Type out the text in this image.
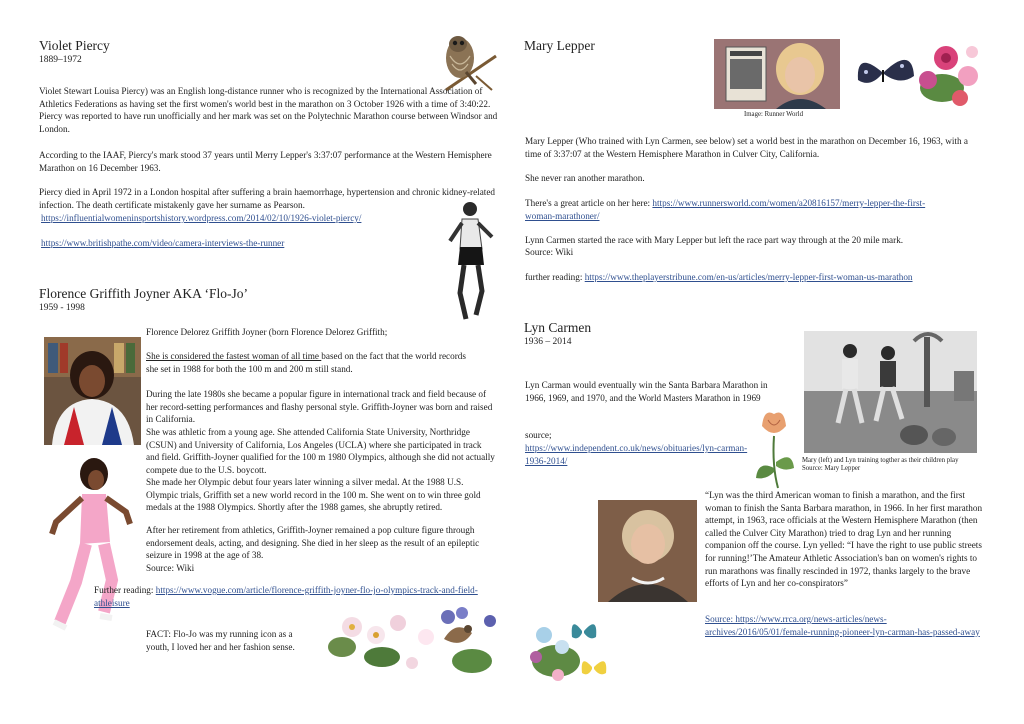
Violet Piercy
1889–1972
Violet Stewart Louisa Piercy) was an English long-distance runner who is recognized by the International Association of Athletics Federations as having set the first women's world best in the marathon on 3 October 1926 with a time of 3:40:22. Piercy was reported to have run unofficially and her mark was set on the Polytechnic Marathon course between Windsor and London.
According to the IAAF, Piercy's mark stood 37 years until Merry Lepper's 3:37:07 performance at the Western Hemisphere Marathon on 16 December 1963.
Piercy died in April 1972 in a London hospital after suffering a brain haemorrhage, hypertension and chronic kidney-related infection. The death certificate mistakenly gave her surname as Pearson.
https://influentialwomeninsportshistory.wordpress.com/2014/02/10/1926-violet-piercy/
https://www.britishpathe.com/video/camera-interviews-the-runner
Florence Griffith Joyner AKA ‘Flo-Jo’
1959 - 1998
Florence Delorez Griffith Joyner (born Florence Delorez Griffith;
She is considered the fastest woman of all time based on the fact that the world records she set in 1988 for both the 100 m and 200 m still stand.
During the late 1980s she became a popular figure in international track and field because of her record-setting performances and flashy personal style. Griffith-Joyner was born and raised in California.
She was athletic from a young age. She attended California State University, Northridge (CSUN) and University of California, Los Angeles (UCLA) where she participated in track and field. Griffith-Joyner qualified for the 100 m 1980 Olympics, although she did not actually compete due to the U.S. boycott.
She made her Olympic debut four years later winning a silver medal. At the 1988 U.S. Olympic trials, Griffith set a new world record in the 100 m. She went on to win three gold medals at the 1988 Olympics. Shortly after the 1988 games, she abruptly retired.
After her retirement from athletics, Griffith-Joyner remained a pop culture figure through endorsement deals, acting, and designing. She died in her sleep as the result of an epileptic seizure in 1998 at the age of 38.
Source: Wiki
Further reading: https://www.vogue.com/article/florence-griffith-joyner-flo-jo-olympics-track-and-field-athleisure
FACT: Flo-Jo was my running icon as a youth, I loved her and her fashion sense.
Mary Lepper
Image: Runner World
Mary Lepper (Who trained with Lyn Carmen, see below) set a world best in the marathon on December 16, 1963, with a time of 3:37:07 at the Western Hemisphere Marathon in Culver City, California.
She never ran another marathon.
There's a great article on her here: https://www.runnersworld.com/women/a20816157/merry-lepper-the-first-woman-marathoner/
Lynn Carmen started the race with Mary Lepper but left the race part way through at the 20 mile mark.
Source: Wiki
further reading: https://www.theplayerstribune.com/en-us/articles/merry-lepper-first-woman-us-marathon
Lyn Carmen
1936 – 2014
Lyn Carman would eventually win the Santa Barbara Marathon in 1966, 1969, and 1970, and the World Masters Marathon in 1969
source;
https://www.independent.co.uk/news/obituaries/lyn-carman-1936-2014/	Mary (left) and Lyn training togther as their children play
Source: Mary Lepper
“Lyn was the third American woman to finish a marathon, and the first woman to finish the Santa Barbara marathon, in 1966. In her first marathon attempt, in 1963, race officials at the Western Hemisphere Marathon (then called the Culver City Marathon) tried to drag Lyn and her running companion off the course. Lyn yelled: “I have the right to use public streets for running!’The Amateur Athletic Association's ban on women's rights to run marathons was finally rescinded in 1972, thanks largely to the brave efforts of Lyn and her co-conspirators”
Source: https://www.rrca.org/news-articles/news-archives/2016/05/01/female-running-pioneer-lyn-carman-has-passed-away
